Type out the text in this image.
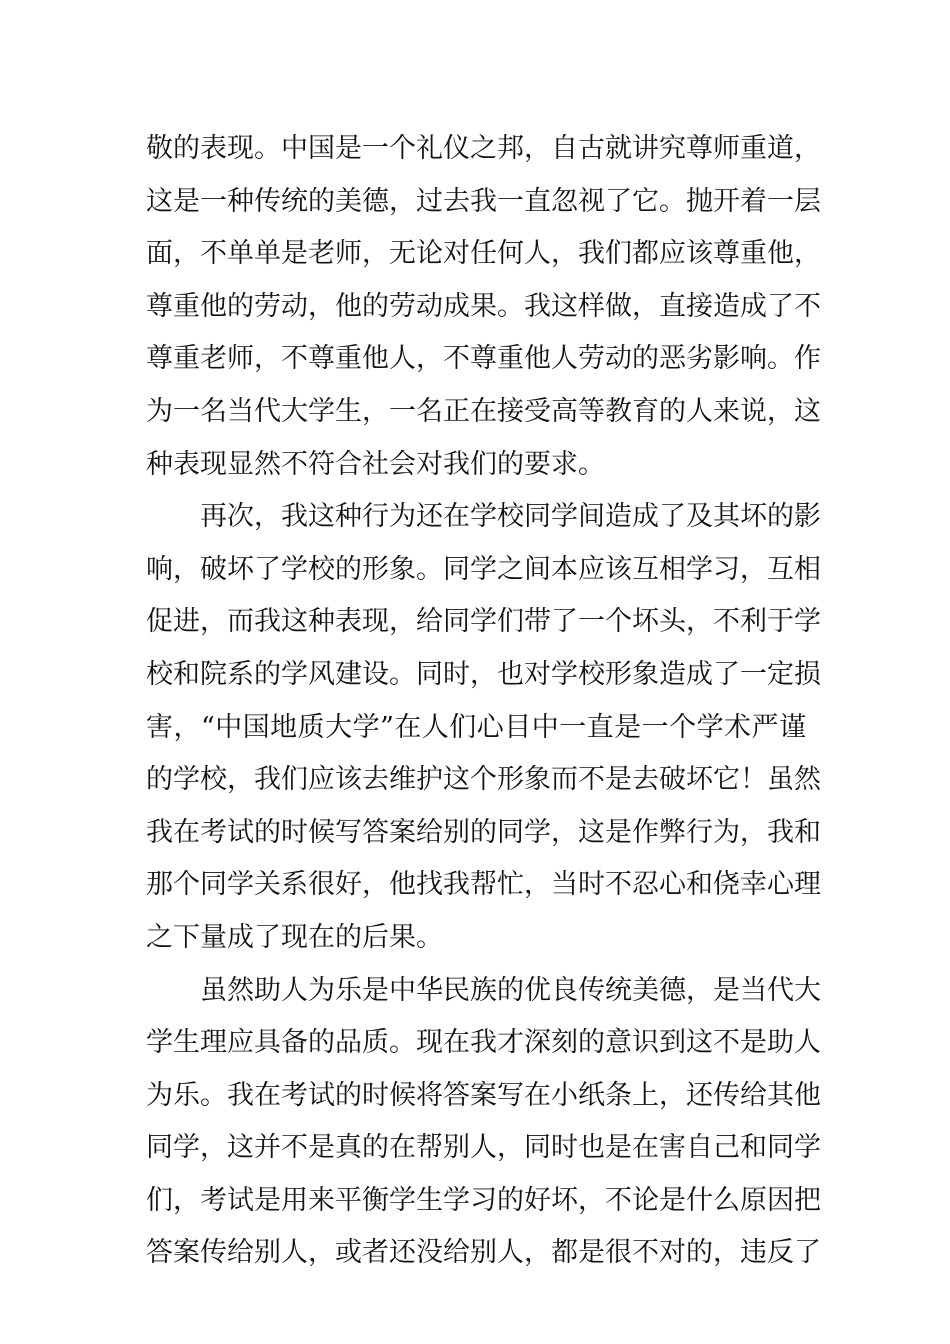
敬的表现。中国是一个礼仪之邦，自古就讲究尊师重道，
这是一种传统的美德，过去我一直忽视了它。抛开着一层
面，不单单是老师，无论对任何人，我们都应该尊重他，
尊重他的劳动，他的劳动成果。我这样做，直接造成了不
尊重老师，不尊重他人，不尊重他人劳动的恶劣影响。作
为一名当代大学生，一名正在接受高等教育的人来说，这
种表现显然不符合社会对我们的要求。
再次，我这种行为还在学校同学间造成了及其坏的影
响，破坏了学校的形象。同学之间本应该互相学习，互相
促进，而我这种表现，给同学们带了一个坏头，不利于学
校和院系的学风建设。同时，也对学校形象造成了一定损
害，“中国地质大学”在人们心目中一直是一个学术严谨
的学校，我们应该去维护这个形象而不是去破坏它！虽然
我在考试的时候写答案给别的同学，这是作弊行为，我和
那个同学关系很好，他找我帮忙，当时不忍心和侥幸心理
之下量成了现在的后果。
虽然助人为乐是中华民族的优良传统美德，是当代大
学生理应具备的品质。现在我才深刻的意识到这不是助人
为乐。我在考试的时候将答案写在小纸条上，还传给其他
同学，这并不是真的在帮别人，同时也是在害自己和同学
们，考试是用来平衡学生学习的好坏，不论是什么原因把
答案传给别人，或者还没给别人，都是很不对的，违反了
